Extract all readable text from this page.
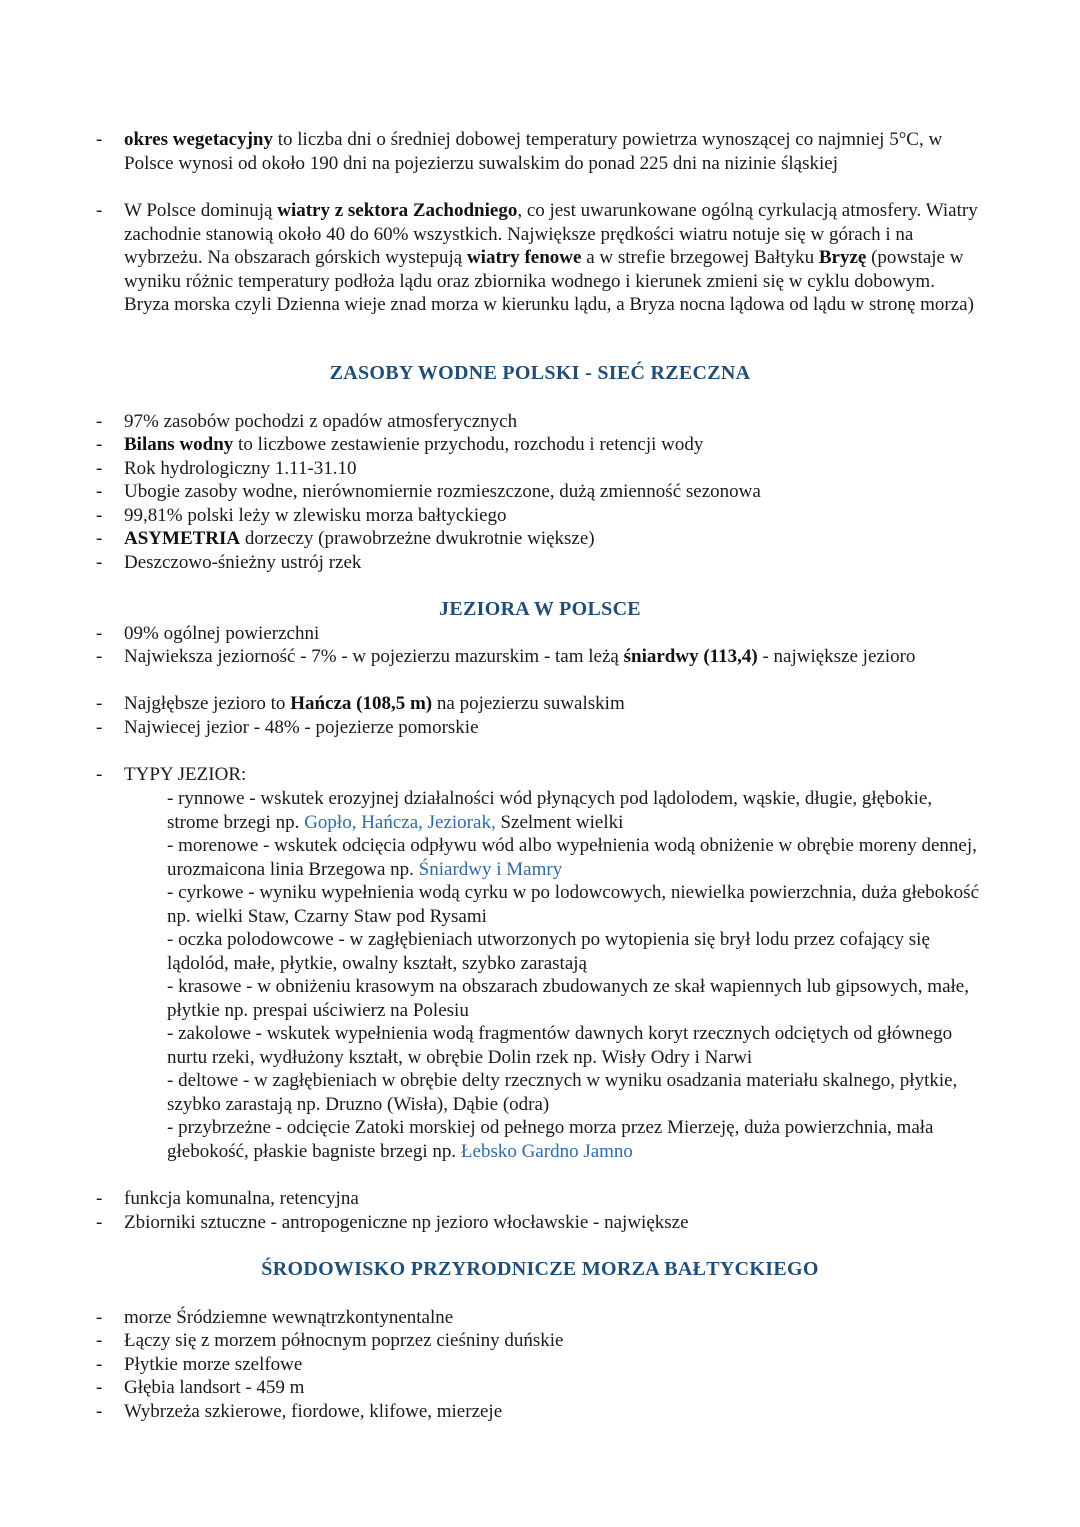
- okres wegetacyjny to liczba dni o średniej dobowej temperatury powietrza wynoszącej co najmniej 5°C, w Polsce wynosi od około 190 dni na pojezierzu suwalskim do ponad 225 dni na nizinie śląskiej
- W Polsce dominują wiatry z sektora Zachodniego, co jest uwarunkowane ogólną cyrkulacją atmosfery. Wiatry zachodnie stanowią około 40 do 60% wszystkich. Największe prędkości wiatru notuje się w górach i na wybrzeżu. Na obszarach górskich wystepują wiatry fenowe a w strefie brzegowej Bałtyku Bryzę (powstaje w wyniku różnic temperatury podłoża lądu oraz zbiornika wodnego i kierunek zmieni się w cyklu dobowym. Bryza morska czyli Dzienna wieje znad morza w kierunku lądu, a Bryza nocna lądowa od lądu w stronę morza)
ZASOBY WODNE POLSKI - SIEĆ RZECZNA
- 97% zasobów pochodzi z opadów atmosferycznych
- Bilans wodny to liczbowe zestawienie przychodu, rozchodu i retencji wody
- Rok hydrologiczny 1.11-31.10
- Ubogie zasoby wodne, nierównomiernie rozmieszczone, dużą zmienność sezonowa
- 99,81% polski leży w zlewisku morza bałtyckiego
- ASYMETRIA dorzeczy (prawobrzeżne dwukrotnie większe)
- Deszczowo-śnieżny ustrój rzek
JEZIORA W POLSCE
- 09% ogólnej powierzchni
- Najwieksza jeziorność - 7% - w pojezierzu mazurskim - tam leżą śniardwy (113,4) - największe jezioro
- Najgłębsze jezioro to Hańcza (108,5 m) na pojezierzu suwalskim
- Najwiecej jezior - 48% - pojezierze pomorskie
- TYPY JEZIOR:
- rynnowe - wskutek erozyjnej działalności wód płynących pod lądolodem, wąskie, długie, głębokie, strome brzegi np. Gopło, Hańcza, Jeziorak, Szelment wielki
- morenowe - wskutek odcięcia odpływu wód albo wypełnienia wodą obniżenie w obrębie moreny dennej, urozmaicona linia Brzegowa np. Śniardwy i Mamry
- cyrkowe - wyniku wypełnienia wodą cyrku w po lodowcowych, niewielka powierzchnia, duża głebokość np. wielki Staw, Czarny Staw pod Rysami
- oczka polodowcowe - w zagłębieniach utworzonych po wytopienia się brył lodu przez cofający się lądolód, małe, płytkie, owalny kształt, szybko zarastają
- krasowe - w obniżeniu krasowym na obszarach zbudowanych ze skał wapiennych lub gipsowych, małe, płytkie np. prespai uściwierz na Polesiu
- zakolowe - wskutek wypełnienia wodą fragmentów dawnych koryt rzecznych odciętych od głównego nurtu rzeki, wydłużony kształt, w obrębie Dolin rzek np. Wisły Odry i Narwi
- deltowe - w zagłębieniach w obrębie delty rzecznych w wyniku osadzania materiału skalnego, płytkie, szybko zarastają np. Druzno (Wisła), Dąbie (odra)
- przybrzeżne - odcięcie Zatoki morskiej od pełnego morza przez Mierzeję, duża powierzchnia, mała głebokość, płaskie bagniste brzegi np. Łebsko Gardno Jamno
- funkcja komunalna, retencyjna
- Zbiorniki sztuczne - antropogeniczne np jezioro włocławskie - największe
ŚRODOWISKO PRZYRODNICZE MORZA BAŁTYCKIEGO
- morze Śródziemne wewnątrzkontynentalne
- Łączy się z morzem północnym poprzez cieśniny duńskie
- Płytkie morze szelfowe
- Głębia landsort - 459 m
- Wybrzeża szkierowe, fiordowe, klifowe, mierzeje
